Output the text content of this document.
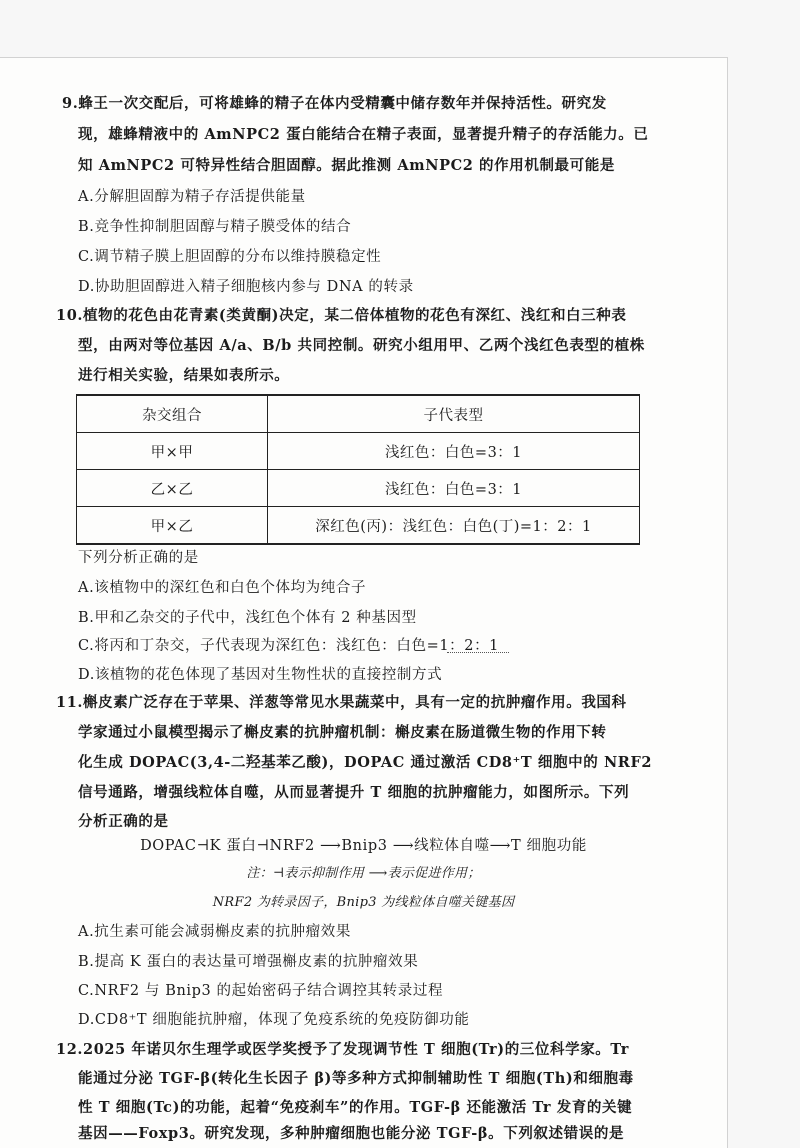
9.蜂王一次交配后，可将雄蜂的精子在体内受精囊中储存数年并保持活性。研究发
现，雄蜂精液中的 AmNPC2 蛋白能结合在精子表面，显著提升精子的存活能力。已
知 AmNPC2 可特异性结合胆固醇。据此推测 AmNPC2 的作用机制最可能是
A.分解胆固醇为精子存活提供能量
B.竞争性抑制胆固醇与精子膜受体的结合
C.调节精子膜上胆固醇的分布以维持膜稳定性
D.协助胆固醇进入精子细胞核内参与 DNA 的转录
10.植物的花色由花青素(类黄酮)决定，某二倍体植物的花色有深红、浅红和白三种表
型，由两对等位基因 A/a、B/b 共同控制。研究小组用甲、乙两个浅红色表型的植株
进行相关实验，结果如表所示。
杂交组合	子代表型
甲×甲	浅红色：白色=3：1
乙×乙	浅红色：白色=3：1
甲×乙	深红色(丙)：浅红色：白色(丁)=1：2：1
下列分析正确的是
A.该植物中的深红色和白色个体均为纯合子
B.甲和乙杂交的子代中，浅红色个体有 2 种基因型
C.将丙和丁杂交，子代表现为深红色：浅红色：白色=1：2：1
D.该植物的花色体现了基因对生物性状的直接控制方式
11.槲皮素广泛存在于苹果、洋葱等常见水果蔬菜中，具有一定的抗肿瘤作用。我国科
学家通过小鼠模型揭示了槲皮素的抗肿瘤机制：槲皮素在肠道微生物的作用下转
化生成 DOPAC(3,4-二羟基苯乙酸)，DOPAC 通过激活 CD8⁺T 细胞中的 NRF2
信号通路，增强线粒体自噬，从而显著提升 T 细胞的抗肿瘤能力，如图所示。下列
分析正确的是
DOPAC⊣K 蛋白⊣NRF2 ⟶Bnip3 ⟶线粒体自噬⟶T 细胞功能
注：⊣表示抑制作用 ⟶表示促进作用；
NRF2 为转录因子，Bnip3 为线粒体自噬关键基因
A.抗生素可能会减弱槲皮素的抗肿瘤效果
B.提高 K 蛋白的表达量可增强槲皮素的抗肿瘤效果
C.NRF2 与 Bnip3 的起始密码子结合调控其转录过程
D.CD8⁺T 细胞能抗肿瘤，体现了免疫系统的免疫防御功能
12.2025 年诺贝尔生理学或医学奖授予了发现调节性 T 细胞(Tr)的三位科学家。Tr
能通过分泌 TGF-β(转化生长因子 β)等多种方式抑制辅助性 T 细胞(Th)和细胞毒
性 T 细胞(Tc)的功能，起着“免疫刹车”的作用。TGF-β 还能激活 Tr 发育的关键
基因——Foxp3。研究发现，多种肿瘤细胞也能分泌 TGF-β。下列叙述错误的是
